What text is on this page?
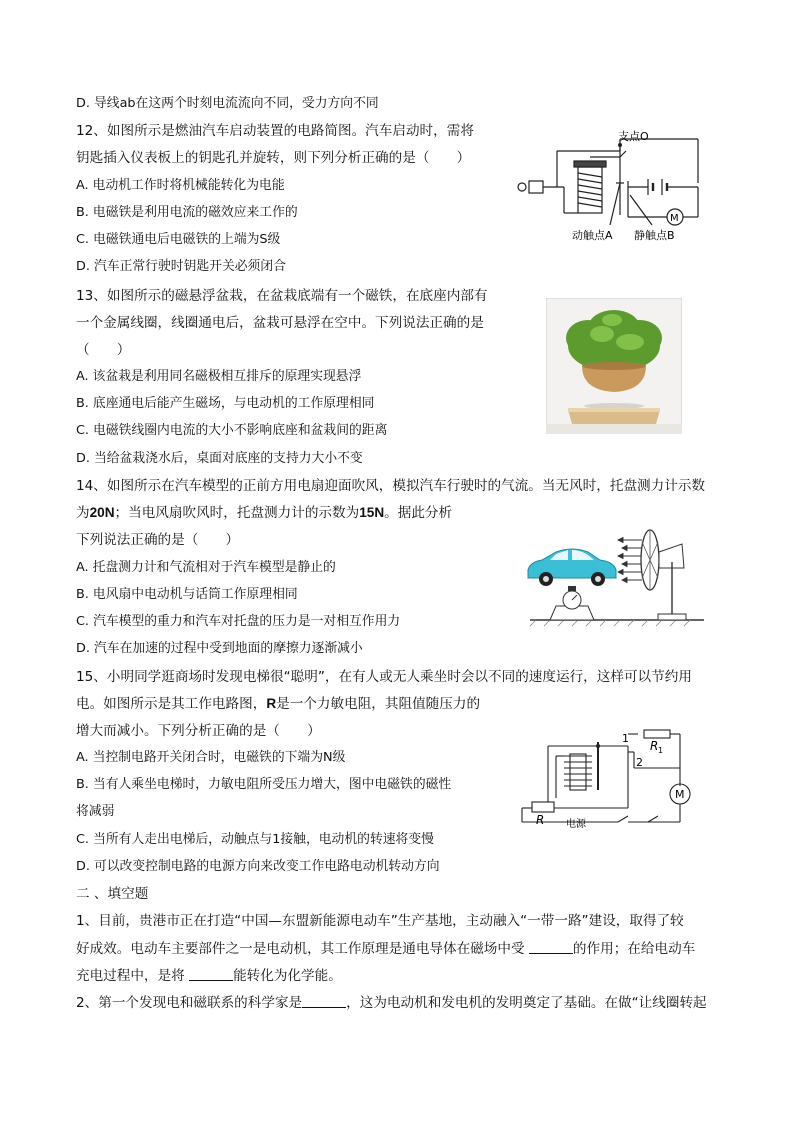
D. 导线ab在这两个时刻电流流向不同，受力方向不同
12、如图所示是燃油汽车启动装置的电路简图。汽车启动时，需将
钥匙插入仪表板上的钥匙孔并旋转，则下列分析正确的是（　　）
A. 电动机工作时将机械能转化为电能
B. 电磁铁是利用电流的磁效应来工作的
C. 电磁铁通电后电磁铁的上端为S级
D. 汽车正常行驶时钥匙开关必须闭合
支点O
M
动触点A 静触点B
13、如图所示的磁悬浮盆栽，在盆栽底端有一个磁铁，在底座内部有
一个金属线圈，线圈通电后，盆栽可悬浮在空中。下列说法正确的是
（　　）
A. 该盆栽是利用同名磁极相互排斥的原理实现悬浮
B. 底座通电后能产生磁场，与电动机的工作原理相同
C. 电磁铁线圈内电流的大小不影响底座和盆栽间的距离
D. 当给盆栽浇水后，桌面对底座的支持力大小不变
14、如图所示在汽车模型的正前方用电扇迎面吹风，模拟汽车行驶时的气流。当无风时，托盘测力计示数
为20N；当电风扇吹风时，托盘测力计的示数为15N。据此分析
下列说法正确的是（　　）
A. 托盘测力计和气流相对于汽车模型是静止的
B. 电风扇中电动机与话筒工作原理相同
C. 汽车模型的重力和汽车对托盘的压力是一对相互作用力
D. 汽车在加速的过程中受到地面的摩擦力逐渐减小
15、小明同学逛商场时发现电梯很“聪明”，在有人或无人乘坐时会以不同的速度运行，这样可以节约用
电。如图所示是其工作电路图，R是一个力敏电阻，其阻值随压力的
增大而减小。下列分析正确的是（　　）
A. 当控制电路开关闭合时，电磁铁的下端为N级
B. 当有人乘坐电梯时，力敏电阻所受压力增大，图中电磁铁的磁性
将减弱
C. 当所有人走出电梯后，动触点与1接触，电动机的转速将变慢
D. 可以改变控制电路的电源方向来改变工作电路电动机转动方向
1
2
R 1
R 电源
M
二 、填空题
1、目前，贵港市正在打造“中国—东盟新能源电动车”生产基地，主动融入“一带一路”建设，取得了较
好成效。电动车主要部件之一是电动机，其工作原理是通电导体在磁场中受	的作用；在给电动车
充电过程中，是将	能转化为化学能。
2、第一个发现电和磁联系的科学家是	，这为电动机和发电机的发明奠定了基础。在做“让线圈转起
